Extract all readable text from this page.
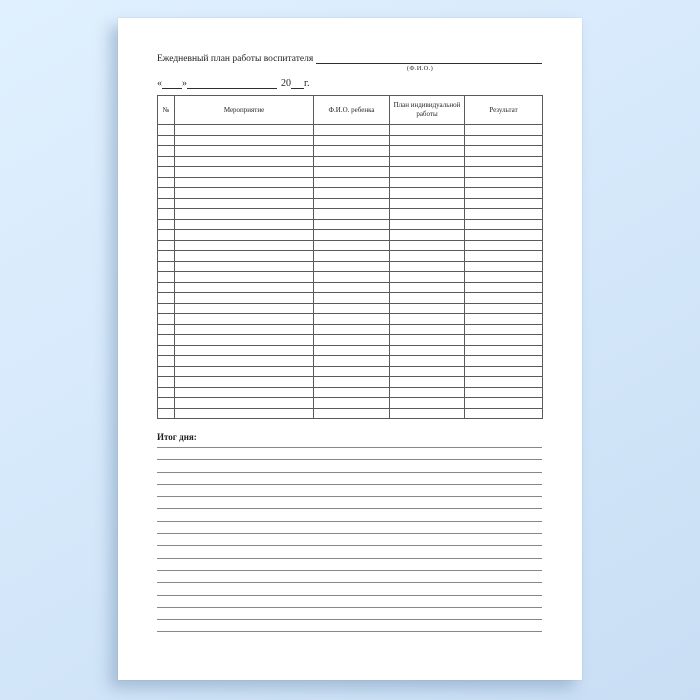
Ежедневный план работы воспитателя
(Ф.И.О.)
« »	20 г.
№	Мероприятие	Ф.И.О. ребенка	План индивидуальной работы	Результат

Итог дня:
